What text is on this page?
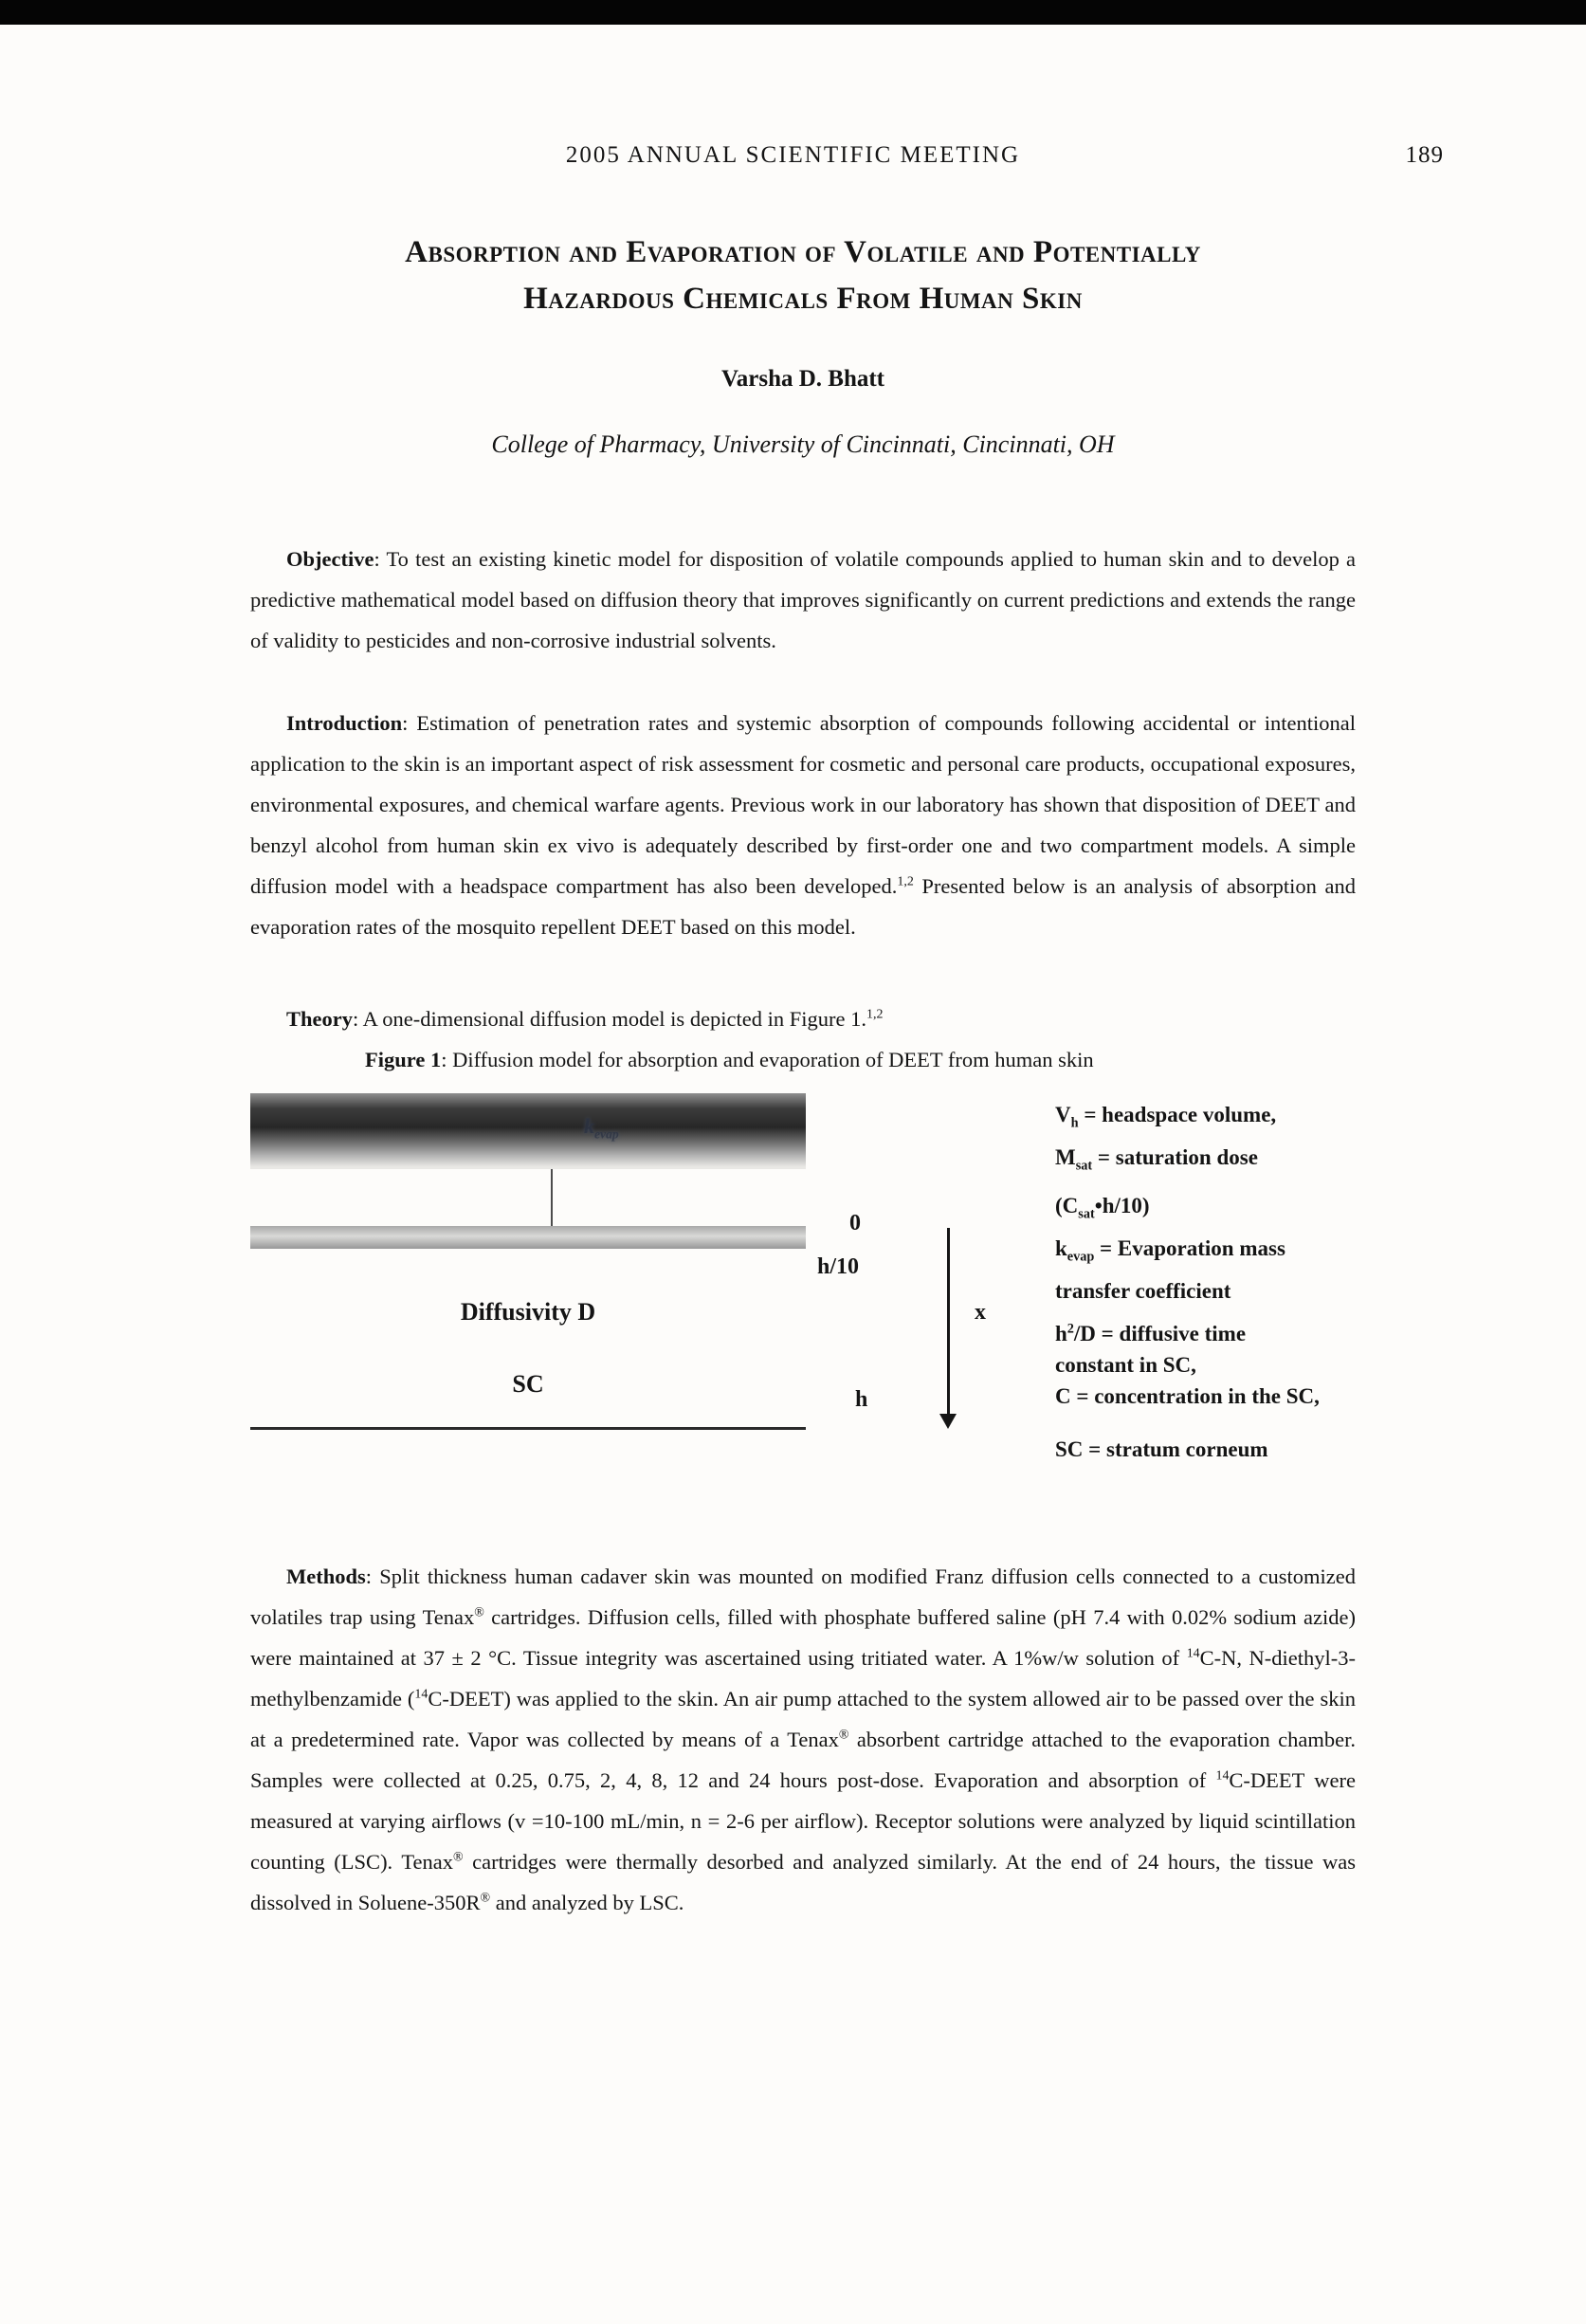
2005 ANNUAL SCIENTIFIC MEETING	189
Absorption and Evaporation of Volatile and Potentially
Hazardous Chemicals From Human Skin
Varsha D. Bhatt
College of Pharmacy, University of Cincinnati, Cincinnati, OH

Objective: To test an existing kinetic model for disposition of volatile compounds applied to human skin and to develop a predictive mathematical model based on diffusion theory that improves significantly on current predictions and extends the range of validity to pesticides and non-corrosive industrial solvents.

Introduction: Estimation of penetration rates and systemic absorption of compounds following accidental or intentional application to the skin is an important aspect of risk assessment for cosmetic and personal care products, occupational exposures, environmental exposures, and chemical warfare agents. Previous work in our laboratory has shown that disposition of DEET and benzyl alcohol from human skin ex vivo is adequately described by first-order one and two compartment models. A simple diffusion model with a headspace compartment has also been developed.$^{1,2}$ Presented below is an analysis of absorption and evaporation rates of the mosquito repellent DEET based on this model.

Theory: A one-dimensional diffusion model is depicted in Figure 1.$^{1,2}$

Figure 1: Diffusion model for absorption and evaporation of DEET from human skin

$k_{evap}$
0
h/10
h
Diffusivity D
SC
x
$V_h$ = headspace volume,
$M_{sat}$ = saturation dose
$(C_{sat}•h/10)$
$k_{evap}$ = Evaporation mass
transfer coefficient
$h^2/D$ = diffusive time
constant in SC,
C = concentration in the SC,
SC = stratum corneum

Methods: Split thickness human cadaver skin was mounted on modified Franz diffusion cells connected to a customized volatiles trap using Tenax® cartridges. Diffusion cells, filled with phosphate buffered saline (pH 7.4 with 0.02% sodium azide) were maintained at 37 ± 2 °C. Tissue integrity was ascertained using tritiated water. A 1%w/w solution of $^{14}$C-N, N-diethyl-3-methylbenzamide ($^{14}$C-DEET) was applied to the skin. An air pump attached to the system allowed air to be passed over the skin at a predetermined rate. Vapor was collected by means of a Tenax® absorbent cartridge attached to the evaporation chamber. Samples were collected at 0.25, 0.75, 2, 4, 8, 12 and 24 hours post-dose. Evaporation and absorption of $^{14}$C-DEET were measured at varying airflows (v =10-100 mL/min, n = 2-6 per airflow). Receptor solutions were analyzed by liquid scintillation counting (LSC). Tenax® cartridges were thermally desorbed and analyzed similarly. At the end of 24 hours, the tissue was dissolved in Soluene-350R® and analyzed by LSC.
